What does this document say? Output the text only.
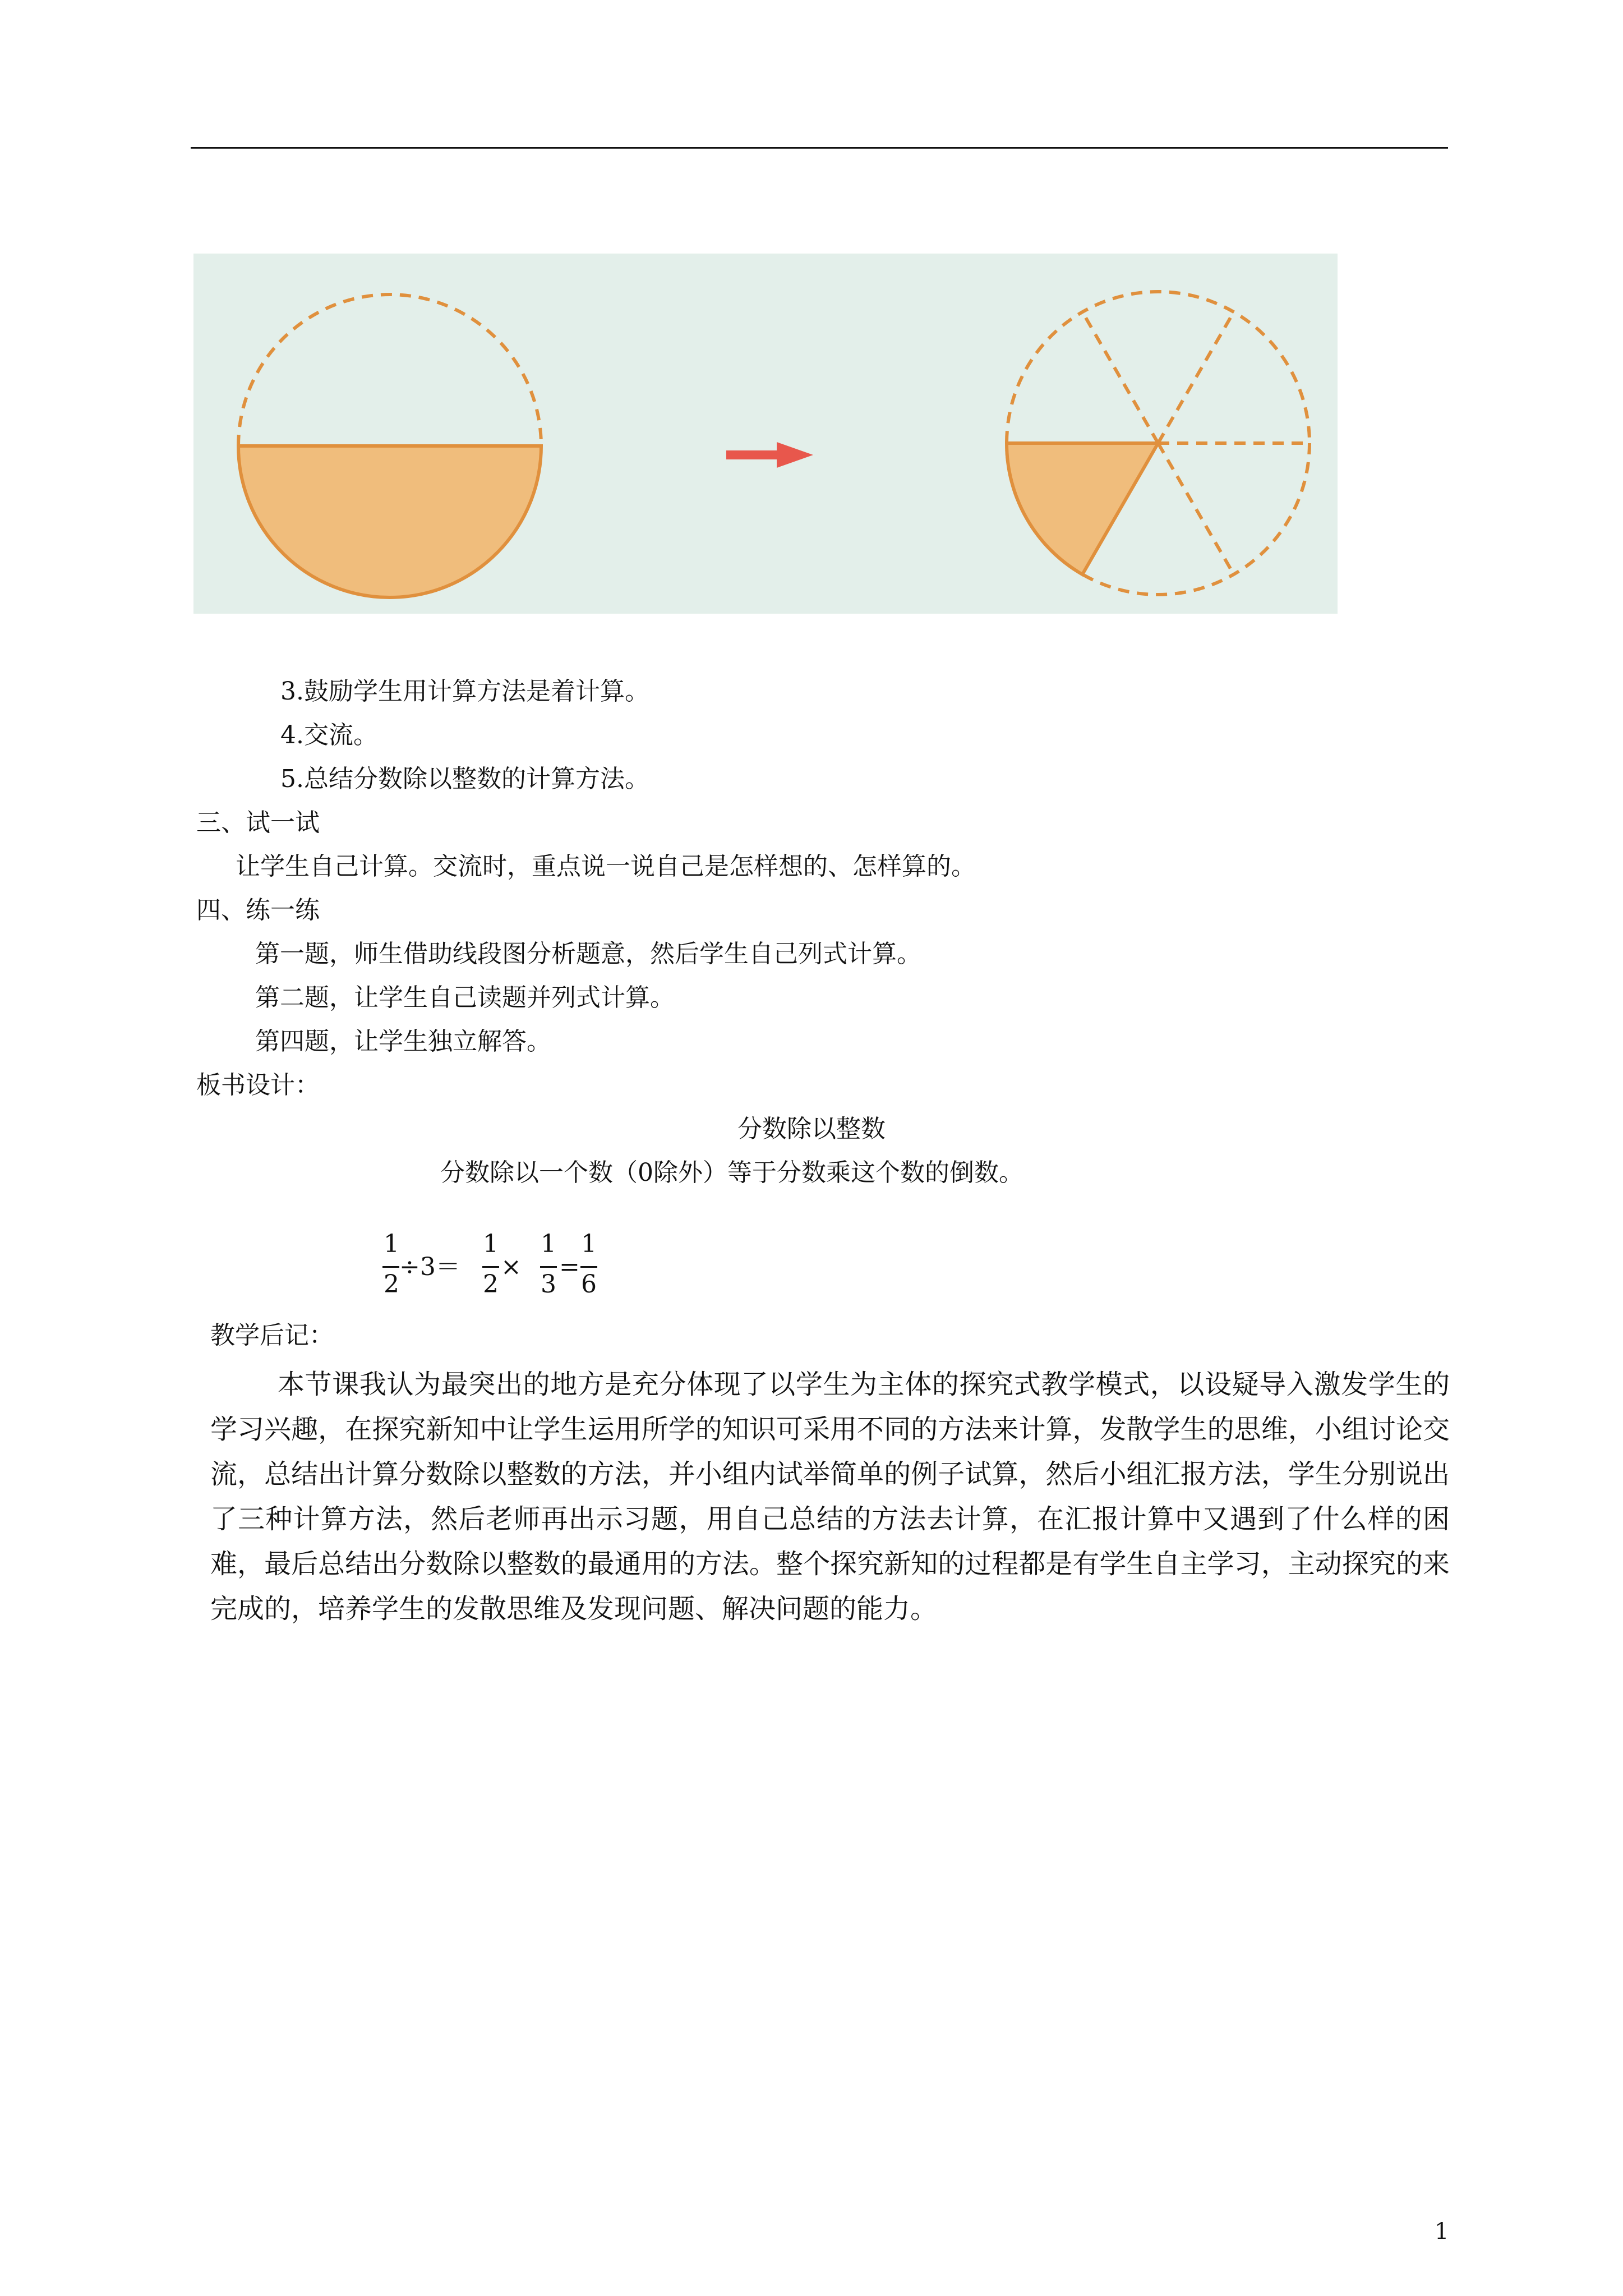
3.鼓励学生用计算方法是着计算。
4.交流。
5.总结分数除以整数的计算方法。
三、试一试
让学生自己计算。交流时，重点说一说自己是怎样想的、怎样算的。
四、练一练
第一题，师生借助线段图分析题意，然后学生自己列式计算。
第二题，让学生自己读题并列式计算。
第四题，让学生独立解答。
板书设计：
分数除以整数
分数除以一个数（0除外）等于分数乘这个数的倒数。
1
2
÷3＝
1
2
×
1
3
=
1
6
教学后记：
本节课我认为最突出的地方是充分体现了以学生为主体的探究式教学模式，以设疑导入激发学生的学习兴趣，在探究新知中让学生运用所学的知识可采用不同的方法来计算，发散学生的思维，小组讨论交流，总结出计算分数除以整数的方法，并小组内试举简单的例子试算，然后小组汇报方法，学生分别说出了三种计算方法，然后老师再出示习题，用自己总结的方法去计算，在汇报计算中又遇到了什么样的困难，最后总结出分数除以整数的最通用的方法。整个探究新知的过程都是有学生自主学习，主动探究的来完成的，培养学生的发散思维及发现问题、解决问题的能力。
1
